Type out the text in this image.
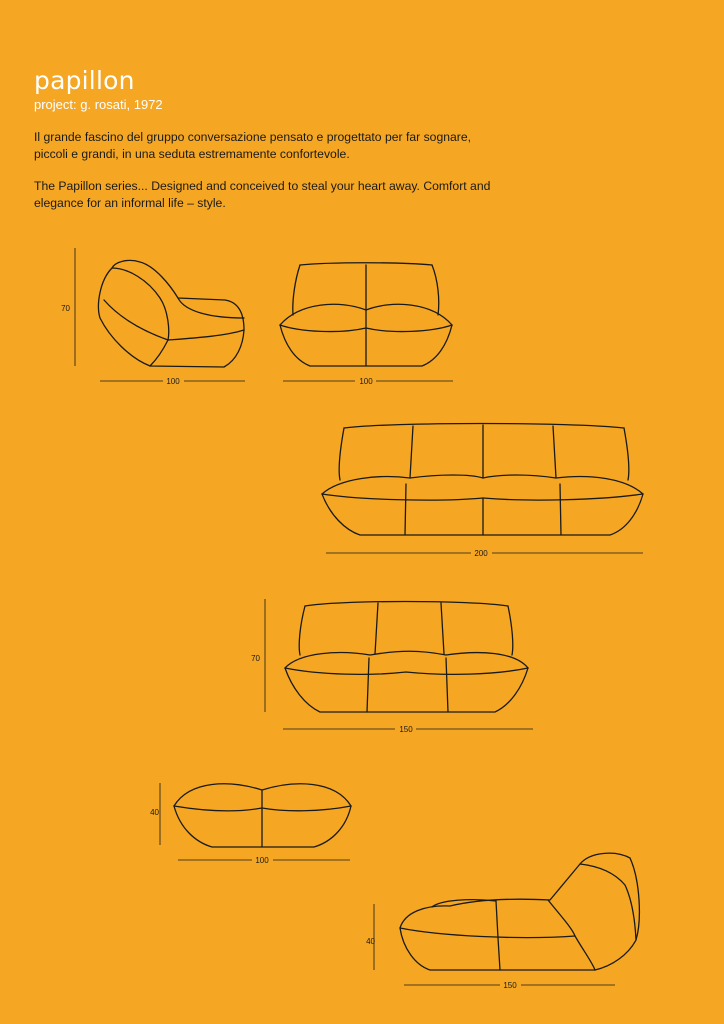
papillon
project: g. rosati, 1972

Il grande fascino del gruppo conversazione pensato e progettato per far sognare, piccoli e grandi, in una seduta estremamente confortevole.

The Papillon series... Designed and conceived to steal your heart away. Comfort and elegance for an informal life – style.

70
100	100
200
70
150
40
100
40
150
